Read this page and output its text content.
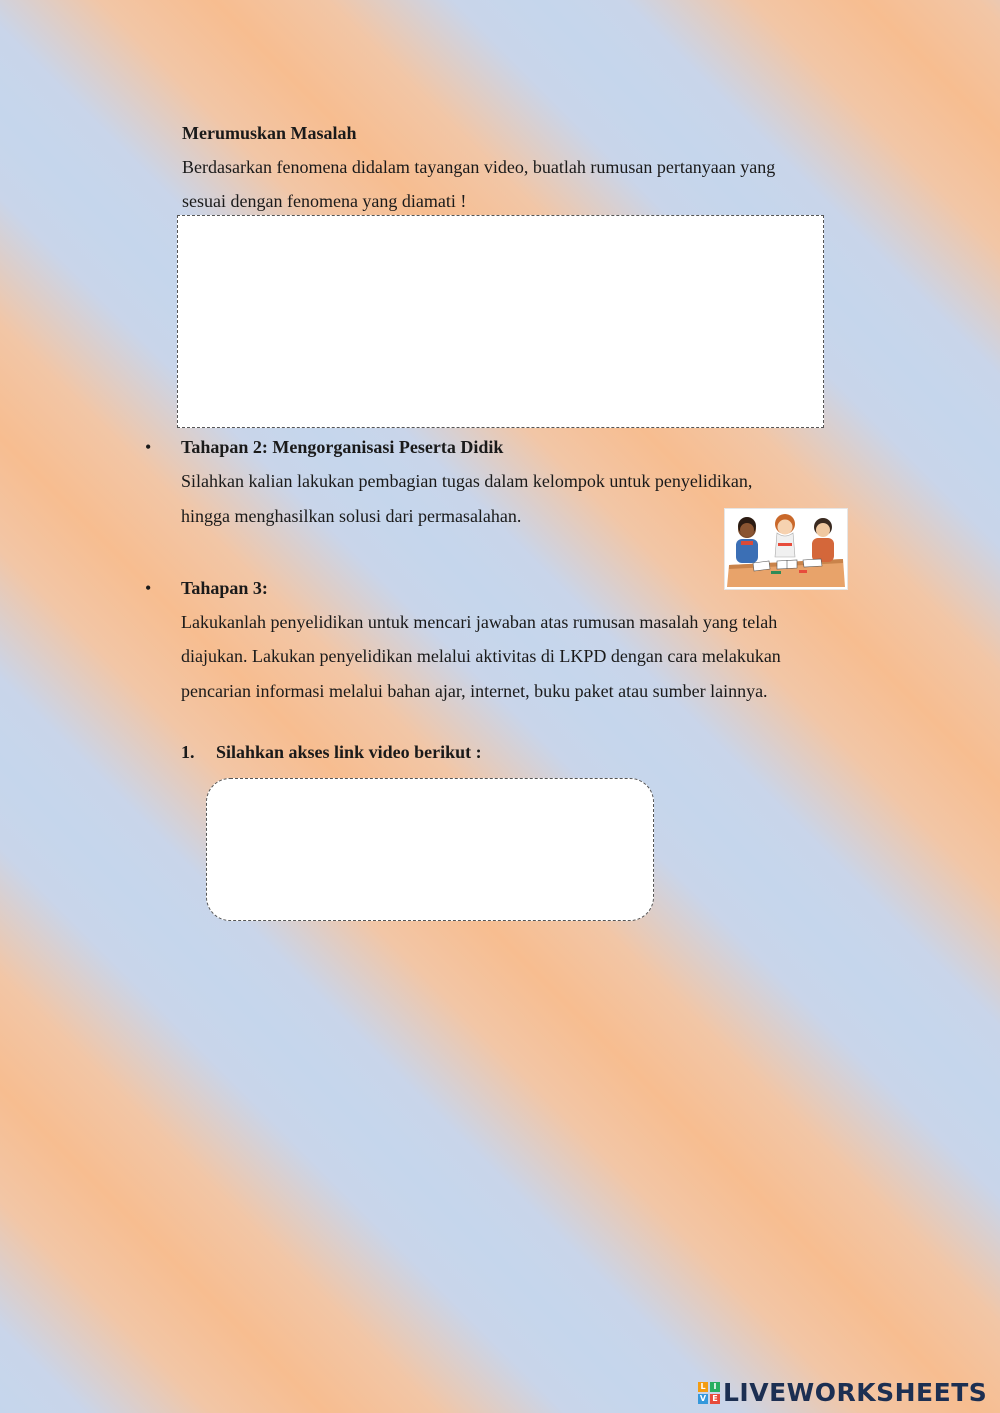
Merumuskan Masalah
Berdasarkan fenomena didalam tayangan video, buatlah rumusan pertanyaan yang
sesuai dengan fenomena yang diamati !
• Tahapan 2: Mengorganisasi Peserta Didik
Silahkan kalian lakukan pembagian tugas dalam kelompok untuk penyelidikan,
hingga menghasilkan solusi dari permasalahan.
• Tahapan 3:
Lakukanlah penyelidikan untuk mencari jawaban atas rumusan masalah yang telah
diajukan. Lakukan penyelidikan melalui aktivitas di LKPD dengan cara melakukan
pencarian informasi melalui bahan ajar, internet, buku paket atau sumber lainnya.
1. Silahkan akses link video berikut :
L I
V E LIVEWORKSHEETS
